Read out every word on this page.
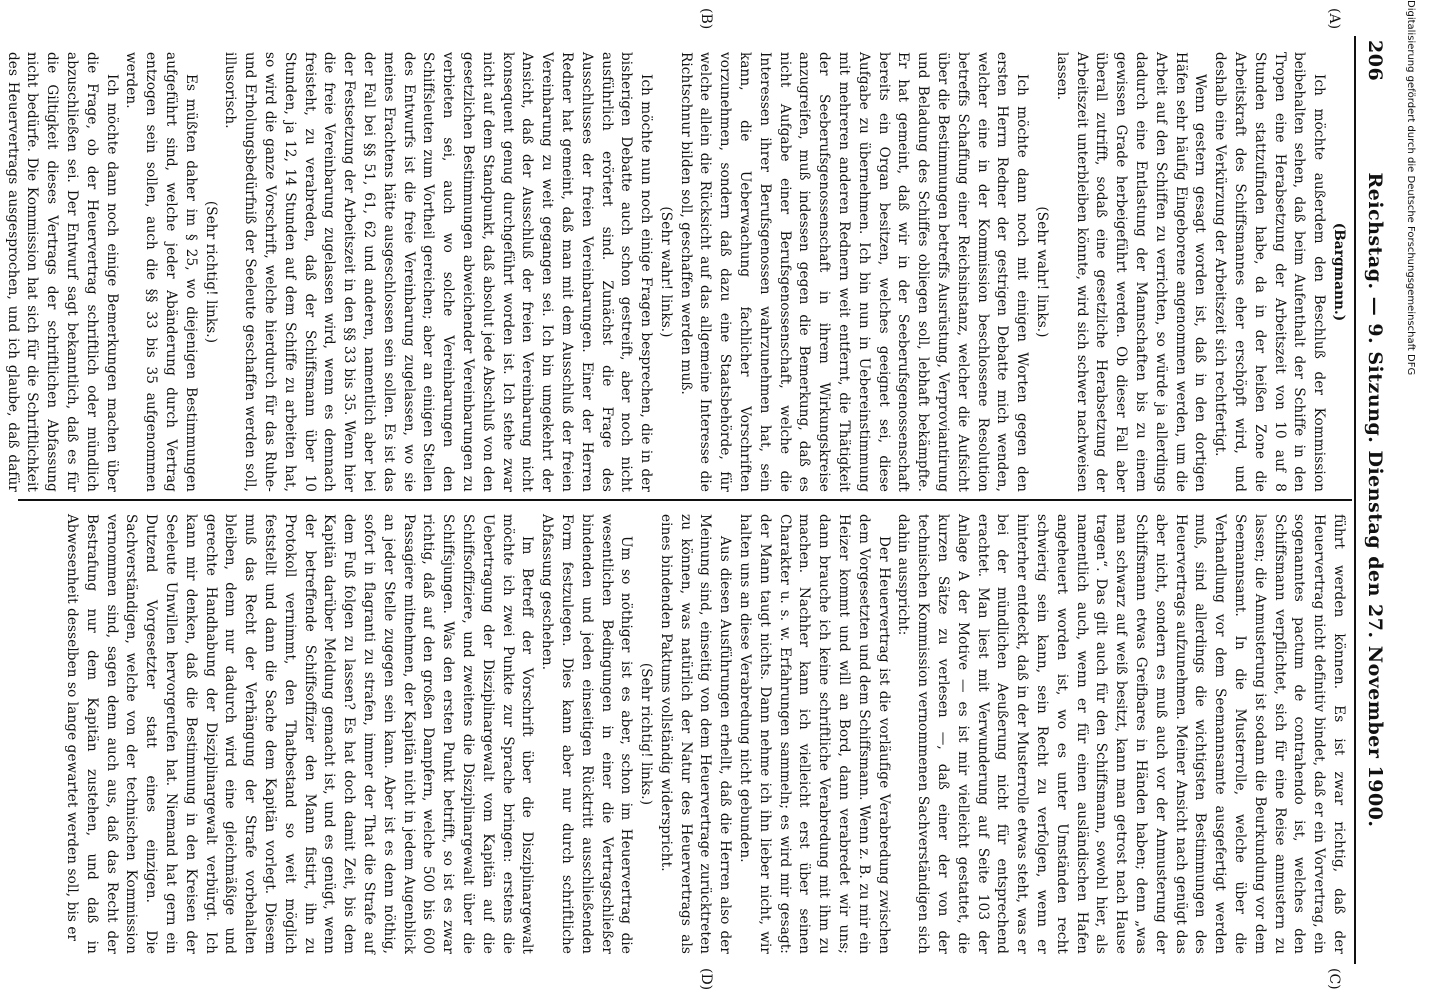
206
Reichstag. — 9. Sitzung. Dienstag den 27. November 1900.
(A)
(B)
(C)
(D)

(Bargmann.)

Ich möchte außerdem den Beschluß der Kommission beibehalten sehen, daß beim Aufenthalt der Schiffe in den Tropen eine Herabsetzung der Arbeitszeit von 10 auf 8 Stunden stattzufinden habe, da in der heißen Zone die Arbeitskraft des Schiffsmannes eher erschöpft wird, und deshalb eine Verkürzung der Arbeitszeit sich rechtfertigt.

Wenn gestern gesagt worden ist, daß in den dortigen Häfen sehr häufig Eingeborene angenommen werden, um die Arbeit auf den Schiffen zu verrichten, so würde ja allerdings dadurch eine Entlastung der Mannschaften bis zu einem gewissen Grade herbeigeführt werden. Ob dieser Fall aber überall zutrifft, sodaß eine gesetzliche Herabsetzung der Arbeitszeit unterbleiben könnte, wird sich schwer nachweisen lassen.

(Sehr wahr! links.)

Ich möchte dann noch mit einigen Worten gegen den ersten Herrn Redner der gestrigen Debatte mich wenden, welcher eine in der Kommission beschlossene Resolution betreffs Schaffung einer Reichsinstanz, welcher die Aufsicht über die Bestimmungen betreffs Ausrüstung, Verproviantirung und Beladung des Schiffes obliegen soll, lebhaft bekämpfte. Er hat gemeint, daß wir in der Seeberufsgenossenschaft bereits ein Organ besitzen, welches geeignet sei, diese Aufgabe zu übernehmen. Ich bin nun in Uebereinstimmung mit mehreren anderen Rednern weit entfernt, die Thätigkeit der Seeberufsgenossenschaft in ihrem Wirkungskreise anzugreifen, muß indessen gegen die Bemerkung, daß es nicht Aufgabe einer Berufsgenossenschaft, welche die Interessen ihrer Berufsgenossen wahrzunehmen hat, sein kann, die Ueberwachung fachlicher Vorschriften vorzunehmen, sondern daß dazu eine Staatsbehörde, für welche allein die Rücksicht auf das allgemeine Interesse die Richtschnur bilden soll, geschaffen werden muß.

(Sehr wahr! links.)

Ich möchte nun noch einige Fragen besprechen, die in der bisherigen Debatte auch schon gestreift, aber noch nicht ausführlich erörtert sind. Zunächst die Frage des Ausschlusses der freien Vereinbarungen. Einer der Herren Redner hat gemeint, daß man mit dem Ausschluß der freien Vereinbarung zu weit gegangen sei. Ich bin umgekehrt der Ansicht, daß der Ausschluß der freien Vereinbarung nicht konsequent genug durchgeführt worden ist. Ich stehe zwar nicht auf dem Standpunkt, daß absolut jede Abschluß von den gesetzlichen Bestimmungen abweichender Vereinbarungen zu verbieten sei, auch wo solche Vereinbarungen den Schiffsleuten zum Vortheil gereichen; aber an einigen Stellen des Entwurfs ist die freie Vereinbarung zugelassen, wo sie meines Erachtens hätte ausgeschlossen sein sollen. Es ist das der Fall bei §§ 51, 61, 62 und anderen, namentlich aber bei der Festsetzung der Arbeitszeit in den §§ 33 bis 35. Wenn hier die freie Vereinbarung zugelassen wird, wenn es demnach freisteht, zu verabreden, daß der Schiffsmann über 10 Stunden, ja 12, 14 Stunden auf dem Schiffe zu arbeiten hat, so wird die ganze Vorschrift, welche hierdurch für das Ruhe- und Erholungsbedürfniß der Seeleute geschaffen werden soll, illusorisch.

(Sehr richtig! links.)

Es müßten daher im § 25, wo diejenigen Bestimmungen aufgeführt sind, welche jeder Abänderung durch Vertrag entzogen sein sollen, auch die §§ 33 bis 35 aufgenommen werden.

Ich möchte dann noch einige Bemerkungen machen über die Frage, ob der Heuervertrag schriftlich oder mündlich abzuschließen sei. Der Entwurf sagt bekanntlich, daß es für die Giltigkeit dieses Vertrags der schriftlichen Abfassung nicht bedürfe. Die Kommission hat sich für die Schriftlichkeit des Heuervertrags ausgesprochen, und ich glaube, daß dafür

führt werden können. Es ist zwar richtig, daß der Heuervertrag nicht definitiv bindet, daß er ein Vorvertrag, ein sogenanntes pactum de contrahendo ist, welches den Schiffsmann verpflichtet, sich für eine Reise anmustern zu lassen; die Anmusterung ist sodann die Beurkundung vor dem Seemannsamt. In die Musterrolle, welche über die Verhandlung vor dem Seemannsamte ausgefertigt werden muß, sind allerdings die wichtigsten Bestimmungen des Heuervertrags aufzunehmen. Meiner Ansicht nach genügt das aber nicht, sondern es muß auch vor der Anmusterung der Schiffsmann etwas Greifbares in Händen haben; denn „was man schwarz auf weiß besitzt, kann man getrost nach Hause tragen“. Das gilt auch für den Schiffsmann, sowohl hier, als namentlich auch, wenn er für einen ausländischen Hafen angeheuert worden ist, wo es unter Umständen recht schwierig sein kann, sein Recht zu verfolgen, wenn er hinterher entdeckt, daß in der Musterrolle etwas steht, was er bei der mündlichen Aeußerung nicht für entsprechend erachtet. Man liest mit Verwunderung auf Seite 103 der Anlage A der Motive — es ist mir vielleicht gestattet, die kurzen Sätze zu verlesen —, daß einer der von der technischen Kommission vernommenen Sachverständigen sich dahin ausspricht:

Der Heuervertrag ist die vorläufige Verabredung zwischen dem Vorgesetzten und dem Schiffsmann. Wenn z. B. zu mir ein Heizer kommt und will an Bord, dann verabredet wir uns; dann brauche ich keine schriftliche Verabredung mit ihm zu machen. Nachher kann ich vielleicht erst über seinen Charakter u. s. w. Erfahrungen sammeln; es wird mir gesagt: der Mann taugt nichts. Dann nehme ich ihn lieber nicht, wir halten uns an diese Verabredung nicht gebunden.

Aus diesen Ausführungen erhellt, daß die Herren also der Meinung sind, einseitig von dem Heuervertrage zurücktreten zu können, was natürlich der Natur des Heuervertrags als eines bindenden Paktums vollständig widerspricht.

(Sehr richtig! links.)

Um so nöthiger ist es aber, schon im Heuervertrag die wesentlichen Bedingungen in einer die Vertragschließer bindenden und jeden einseitigen Rücktritt ausschließenden Form festzulegen. Dies kann aber nur durch schriftliche Abfassung geschehen.

Im Betreff der Vorschrift über die Disziplinargewalt möchte ich zwei Punkte zur Sprache bringen: erstens die Uebertragung der Disziplinargewalt vom Kapitän auf die Schiffsoffiziere, und zweitens die Disziplinargewalt über die Schiffsjungen. Was den ersten Punkt betrifft, so ist es zwar richtig, daß auf den großen Dampfern, welche 500 bis 600 Passagiere mitnehmen, der Kapitän nicht in jedem Augenblick an jeder Stelle zugegen sein kann. Aber ist es denn nöthig, sofort in flagranti zu strafen, immer der That die Strafe auf dem Fuß folgen zu lassen? Es hat doch damit Zeit, bis dem Kapitän darüber Meldung gemacht ist, und es genügt, wenn der betreffende Schiffsoffizier den Mann fistirt, ihn zu Protokoll vernimmt, den Thatbestand so weit möglich feststellt und dann die Sache dem Kapitän vorlegt. Diesem muß das Recht der Verhängung der Strafe vorbehalten bleiben, denn nur dadurch wird eine gleichmäßige und gerechte Handhabung der Disziplinargewalt verbürgt. Ich kann mir denken, daß die Bestimmung in den Kreisen der Seeleute Unwillen hervorgerufen hat. Niemand hat gern ein Dutzend Vorgesetzter statt eines einzigen. Die Sachverständigen, welche von der technischen Kommission vernommen sind, sagen denn auch aus, daß das Recht der Bestrafung nur dem Kapitän zustehen, und daß in Abwesenheit desselben so lange gewartet werden soll, bis er

Digitalisierung gefördert durch die Deutsche Forschungsgemeinschaft DFG
